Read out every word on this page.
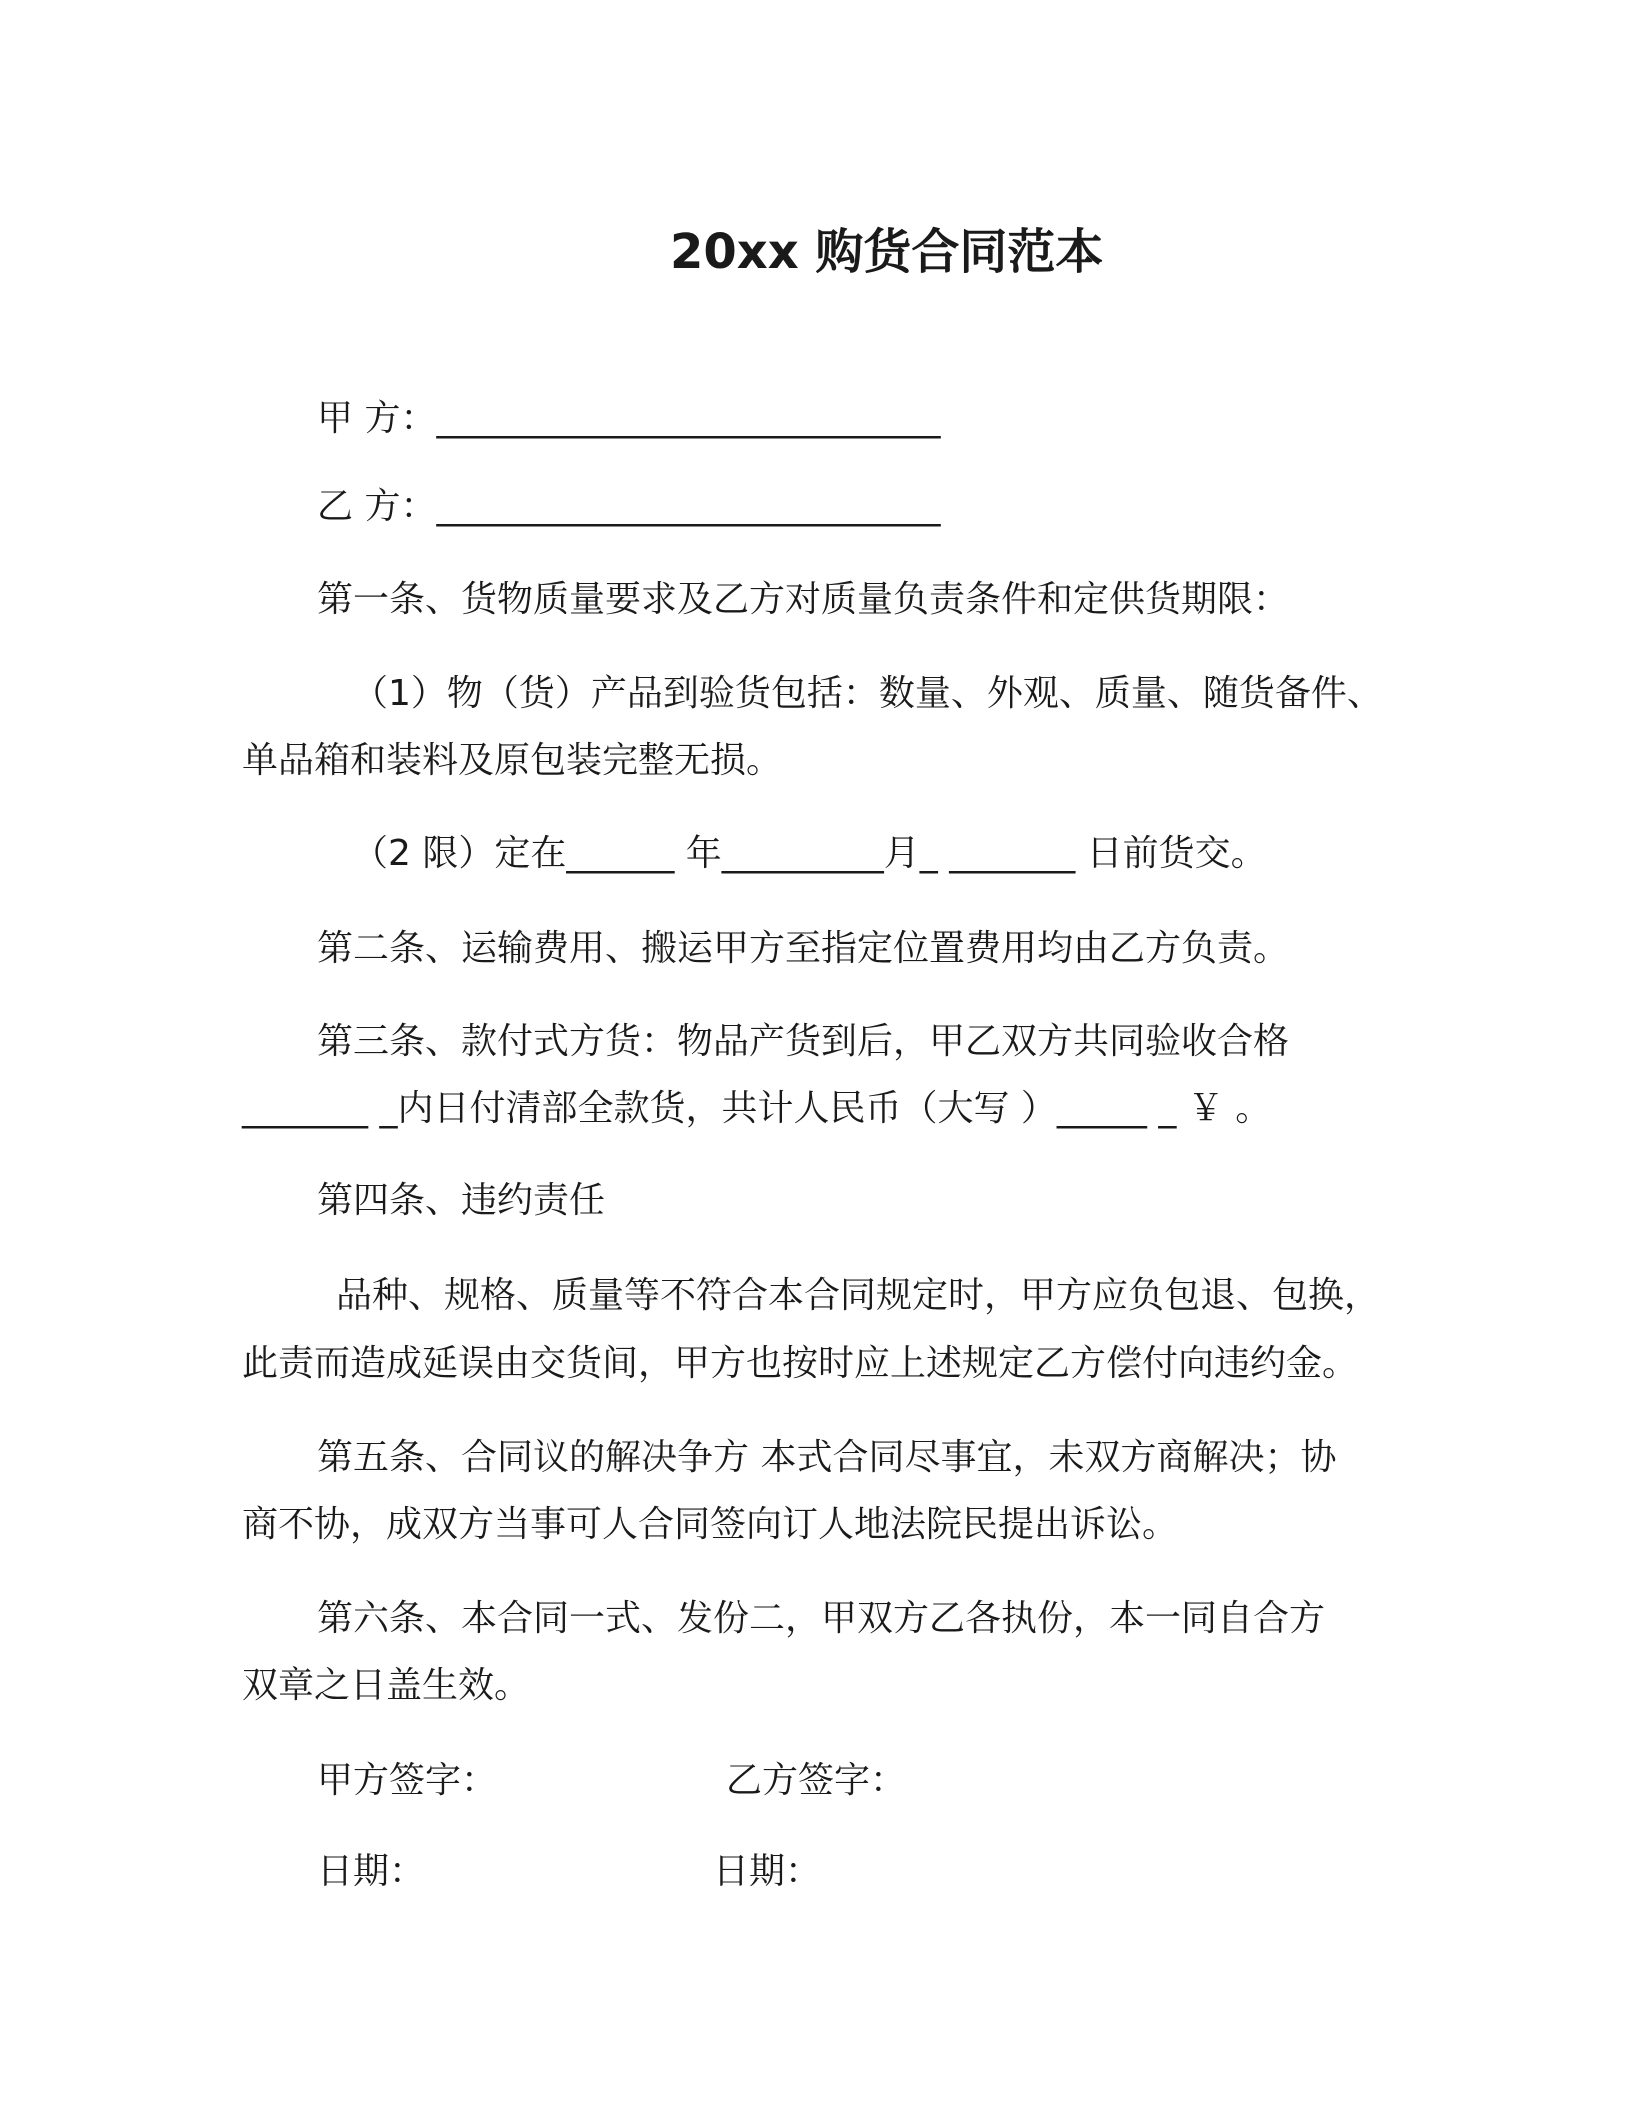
20xx 购货合同范本
甲 方：____________________________
乙 方：____________________________
第一条、货物质量要求及乙方对质量负责条件和定供货期限：
（1）物（货）产品到验货包括：数量、外观、质量、随货备件、
单品箱和装料及原包装完整无损。
（2 限）定在______ 年_________月_ _______ 日前货交。
第二条、运输费用、搬运甲方至指定位置费用均由乙方负责。
第三条、款付式方货：物品产货到后，甲乙双方共同验收合格
_______ _内日付清部全款货，共计人民币（大写 ）_____ _ ￥ 。
第四条、违约责任
品种、规格、质量等不符合本合同规定时，甲方应负包退、包换，
此责而造成延误由交货间，甲方也按时应上述规定乙方偿付向违约金。
第五条、合同议的解决争方 本式合同尽事宜，未双方商解决；协
商不协，成双方当事可人合同签向订人地法院民提出诉讼。
第六条、本合同一式、发份二，甲双方乙各执份，本一同自合方
双章之日盖生效。
甲方签字：	乙方签字：
日期：	日期：
